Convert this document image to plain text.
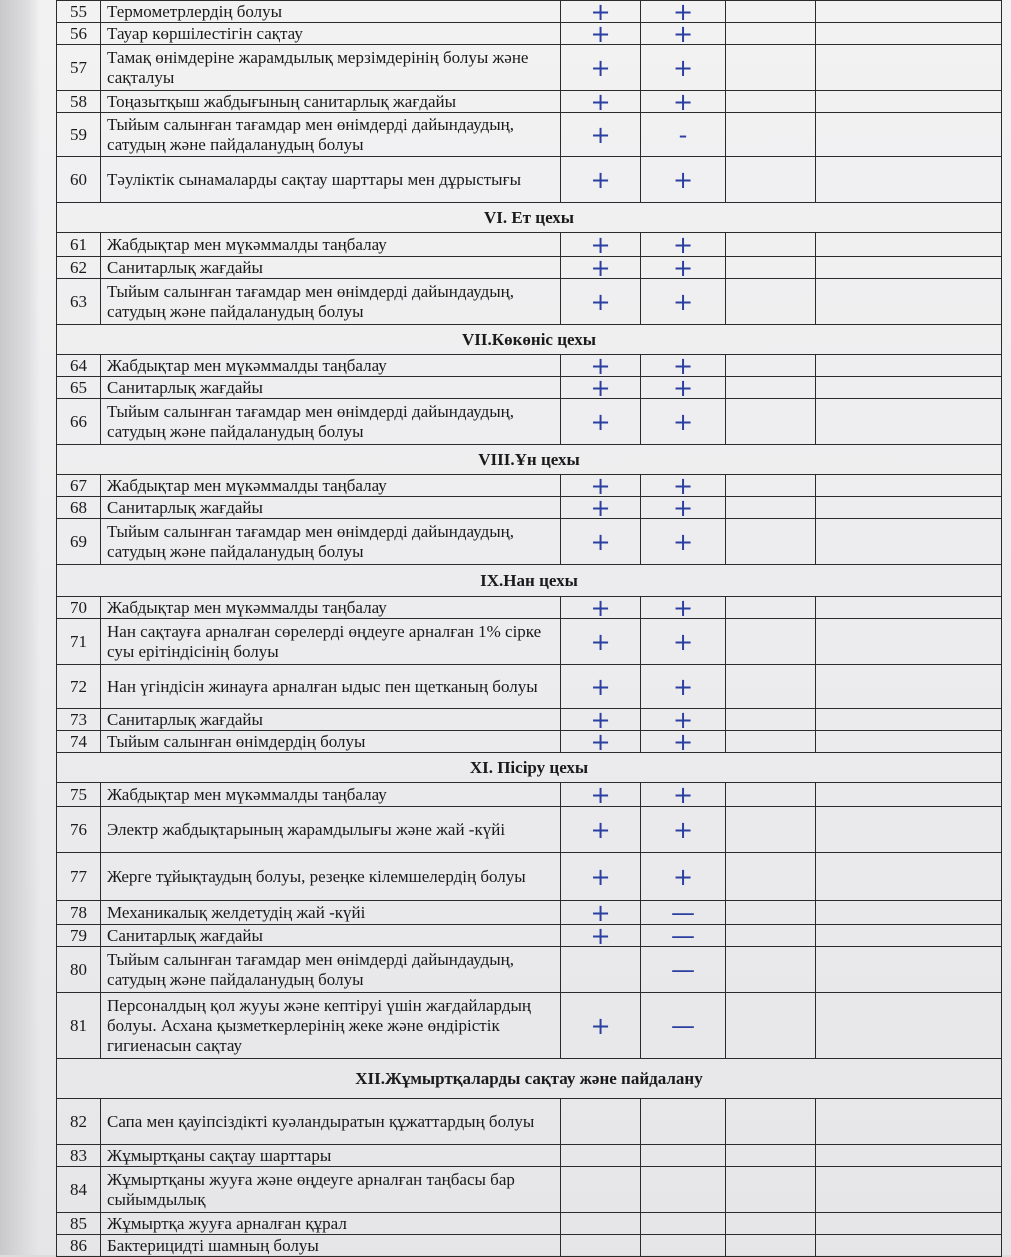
55	Термометрлердің болуы	+	+		
56	Тауар көршілестігін сақтау	+	+		
57	Тамақ өнімдеріне жарамдылық мерзімдерінің болуы және сақталуы	+	+		
58	Тоңазытқыш жабдығының санитарлық жағдайы	+	+		
59	Тыйым салынған тағамдар мен өнімдерді дайындаудың, сатудың және пайдаланудың болуы	+	-		
60	Тәуліктік сынамаларды сақтау шарттары мен дұрыстығы	+	+		
VI. Ет цехы					
61	Жабдықтар мен мүкәммалды таңбалау	+	+		
62	Санитарлық жағдайы	+	+		
63	Тыйым салынған тағамдар мен өнімдерді дайындаудың, сатудың және пайдаланудың болуы	+	+		
VII.Көкөніс цехы					
64	Жабдықтар мен мүкәммалды таңбалау	+	+		
65	Санитарлық жағдайы	+	+		
66	Тыйым салынған тағамдар мен өнімдерді дайындаудың, сатудың және пайдаланудың болуы	+	+		
VIII.Ұн цехы					
67	Жабдықтар мен мүкәммалды таңбалау	+	+		
68	Санитарлық жағдайы	+	+		
69	Тыйым салынған тағамдар мен өнімдерді дайындаудың, сатудың және пайдаланудың болуы	+	+		
IX.Нан цехы					
70	Жабдықтар мен мүкәммалды таңбалау	+	+		
71	Нан сақтауға арналған сөрелерді өңдеуге арналған 1% сірке суы ерітіндісінің болуы	+	+		
72	Нан үгіндісін жинауға арналған ыдыс пен щетканың болуы	+	+		
73	Санитарлық жағдайы	+	+		
74	Тыйым салынған өнімдердің болуы	+	+		
XI. Пісіру цехы					
75	Жабдықтар мен мүкәммалды таңбалау	+	+		
76	Электр жабдықтарының жарамдылығы және жай -күйі	+	+		
77	Жерге тұйықтаудың болуы, резеңке кілемшелердің болуы	+	+		
78	Механикалық желдетудің жай -күйі	+	—		
79	Санитарлық жағдайы	+	—		
80	Тыйым салынған тағамдар мен өнімдерді дайындаудың, сатудың және пайдаланудың болуы		—		
81	Персоналдың қол жууы және кептіруі үшін жағдайлардың болуы. Асхана қызметкерлерінің жеке және өндірістік гигиенасын сақтау	+	—		
XII.Жұмыртқаларды сақтау және пайдалану					
82	Сапа мен қауіпсіздікті куәландыратын құжаттардың болуы				
83	Жұмыртқаны сақтау шарттары				
84	Жұмыртқаны жууға және өңдеуге арналған таңбасы бар сыйымдылық				
85	Жұмыртқа жууға арналған құрал				
86	Бактерицидті шамның болуы				
